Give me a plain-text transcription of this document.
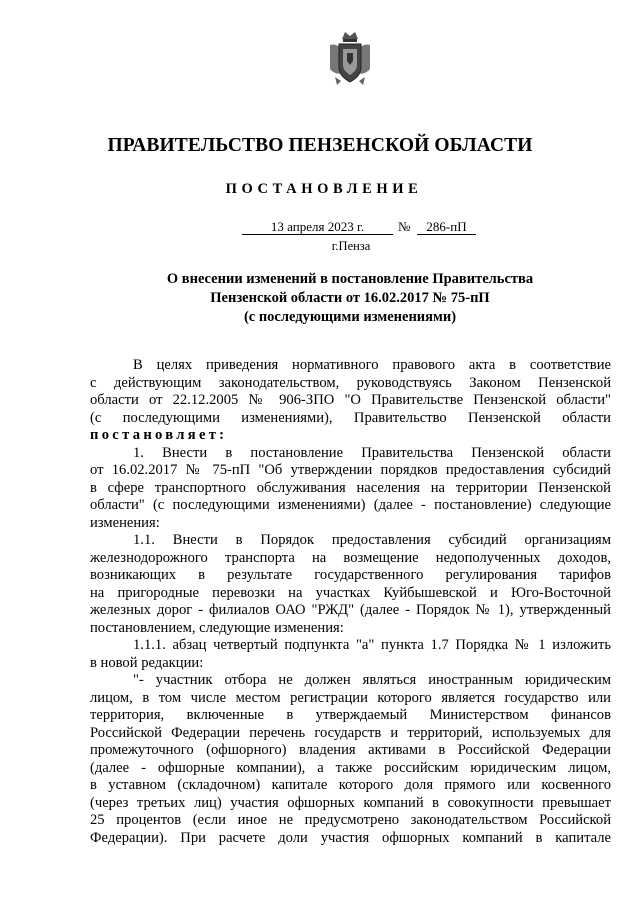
ПРАВИТЕЛЬСТВО ПЕНЗЕНСКОЙ ОБЛАСТИ
ПОСТАНОВЛЕНИЕ
13 апреля 2023 г.	№	286-пП
г.Пенза
О внесении изменений в постановление Правительства
Пензенской области от 16.02.2017 № 75-пП
(с последующими изменениями)

В целях приведения нормативного правового акта в соответствие

с действующим законодательством, руководствуясь Законом Пензенской

области от 22.12.2005 № 906-ЗПО "О Правительстве Пензенской области"

(с последующими изменениями), Правительство Пензенской области

постановляет:

1. Внести в постановление Правительства Пензенской области

от 16.02.2017 № 75-пП "Об утверждении порядков предоставления субсидий

в сфере транспортного обслуживания населения на территории Пензенской

области" (с последующими изменениями) (далее - постановление) следующие

изменения:

1.1. Внести в Порядок предоставления субсидий организациям

железнодорожного транспорта на возмещение недополученных доходов,

возникающих в результате государственного регулирования тарифов

на пригородные перевозки на участках Куйбышевской и Юго-Восточной

железных дорог - филиалов ОАО "РЖД" (далее - Порядок № 1), утвержденный

постановлением, следующие изменения:

1.1.1. абзац четвертый подпункта "а" пункта 1.7 Порядка № 1 изложить

в новой редакции:

"- участник отбора не должен являться иностранным юридическим

лицом, в том числе местом регистрации которого является государство или

территория, включенные в утверждаемый Министерством финансов

Российской Федерации перечень государств и территорий, используемых для

промежуточного (офшорного) владения активами в Российской Федерации

(далее - офшорные компании), а также российским юридическим лицом,

в уставном (складочном) капитале которого доля прямого или косвенного

(через третьих лиц) участия офшорных компаний в совокупности превышает

25 процентов (если иное не предусмотрено законодательством Российской

Федерации). При расчете доли участия офшорных компаний в капитале
